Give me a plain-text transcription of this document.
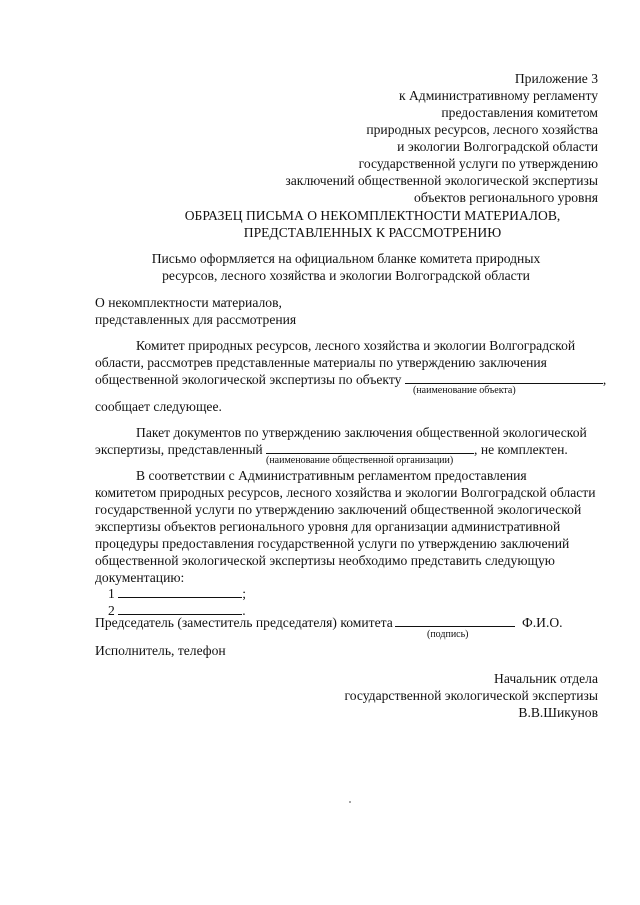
Приложение 3
к Административному регламенту
предоставления комитетом
природных ресурсов, лесного хозяйства
и экологии Волгоградской области
государственной услуги по утверждению
заключений общественной экологической экспертизы
объектов регионального уровня
ОБРАЗЕЦ ПИСЬМА О НЕКОМПЛЕКТНОСТИ МАТЕРИАЛОВ,
ПРЕДСТАВЛЕННЫХ К РАССМОТРЕНИЮ
Письмо оформляется на официальном бланке комитета природных
ресурсов, лесного хозяйства и экологии Волгоградской области
О некомплектности материалов,
представленных для рассмотрения
Комитет природных ресурсов, лесного хозяйства и экологии Волгоградской
области, рассмотрев представленные материалы по утверждению заключения
общественной экологической экспертизы по объекту	,
(наименование объекта)
сообщает следующее.
Пакет документов по утверждению заключения общественной экологической
экспертизы, представленный	, не комплектен.
(наименование общественной организации)
В соответствии с Административным регламентом предоставления
комитетом природных ресурсов, лесного хозяйства и экологии Волгоградской области
государственной услуги по утверждению заключений общественной экологической
экспертизы объектов регионального уровня для организации административной
процедуры предоставления государственной услуги по утверждению заключений
общественной экологической экспертизы необходимо представить следующую
документацию:
1	;
2	.
Председатель (заместитель председателя) комитета	Ф.И.О.
(подпись)
Исполнитель, телефон
Начальник отдела
государственной экологической экспертизы
В.В.Шикунов
